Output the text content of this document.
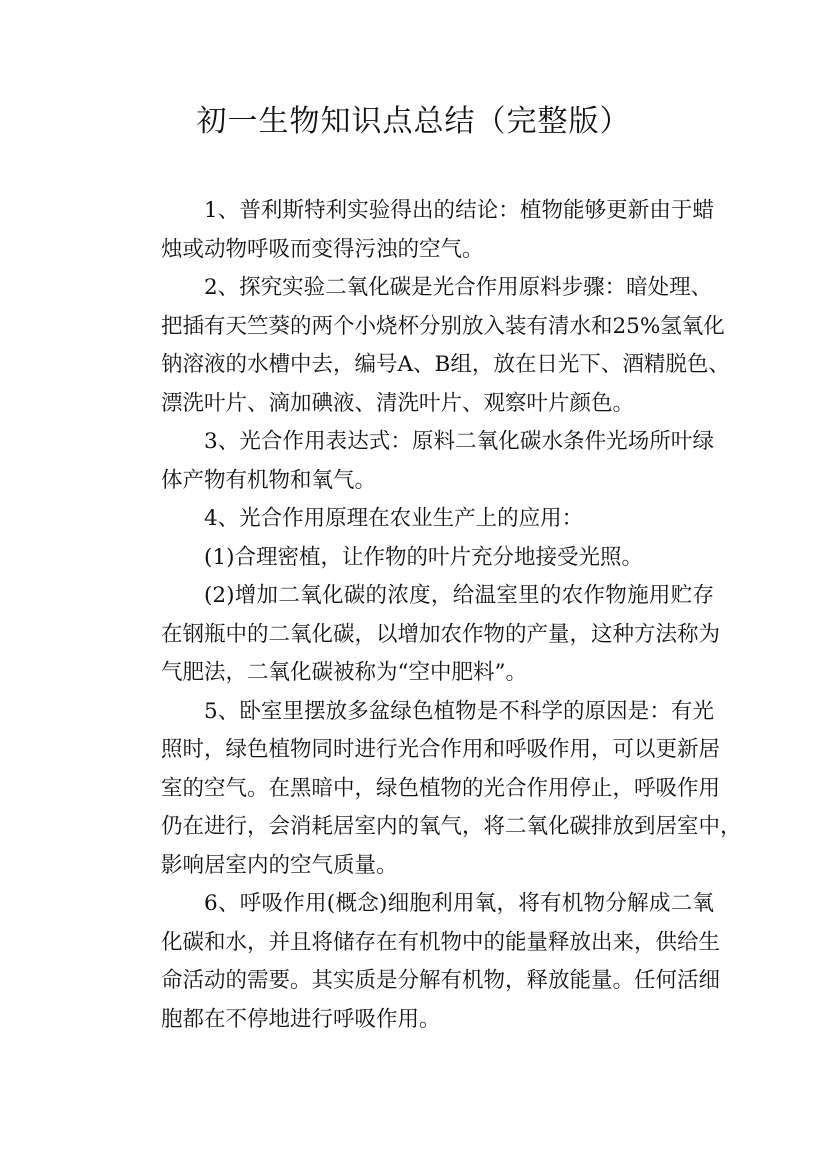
初一生物知识点总结（完整版）

1、普利斯特利实验得出的结论：植物能够更新由于蜡
烛或动物呼吸而变得污浊的空气。

2、探究实验二氧化碳是光合作用原料步骤：暗处理、
把插有天竺葵的两个小烧杯分别放入装有清水和25%氢氧化
钠溶液的水槽中去，编号A、B组，放在日光下、酒精脱色、
漂洗叶片、滴加碘液、清洗叶片、观察叶片颜色。

3、光合作用表达式：原料二氧化碳水条件光场所叶绿
体产物有机物和氧气。

4、光合作用原理在农业生产上的应用：

(1)合理密植，让作物的叶片充分地接受光照。

(2)增加二氧化碳的浓度，给温室里的农作物施用贮存
在钢瓶中的二氧化碳，以增加农作物的产量，这种方法称为
气肥法，二氧化碳被称为“空中肥料”。

5、卧室里摆放多盆绿色植物是不科学的原因是：有光
照时，绿色植物同时进行光合作用和呼吸作用，可以更新居
室的空气。在黑暗中，绿色植物的光合作用停止，呼吸作用
仍在进行，会消耗居室内的氧气，将二氧化碳排放到居室中，
影响居室内的空气质量。

6、呼吸作用(概念)细胞利用氧，将有机物分解成二氧
化碳和水，并且将储存在有机物中的能量释放出来，供给生
命活动的需要。其实质是分解有机物，释放能量。任何活细
胞都在不停地进行呼吸作用。
